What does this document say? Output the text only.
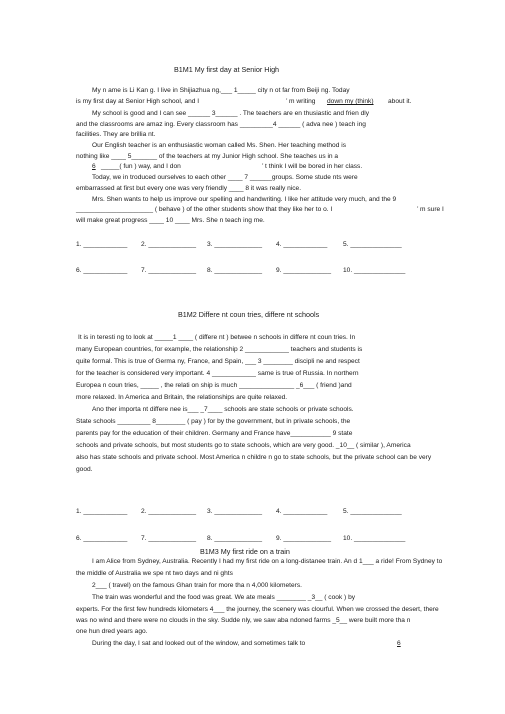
B1M1 My first day at Senior High
My n ame is Li Kan g. I live in Shijiazhua ng,___ 1_____ city n ot far from Beiji ng. Today
is my first day at Senior High school, and I	’ m writing down my (think) about it.
My school is good and I can see ______ 3______ . The teachers are en thusiastic and frien dly
and the classrooms are amaz ing. Every classroom has _________4 ______ ( adva nee ) teach ing
facilities. They are brillia nt.
Our English teacher is an enthusiastic woman called Ms. Shen. Her teaching method is
nothing like ____ 5_______ of the teachers at my Junior High school. She teaches us in a
6 _____( fun ) way, and I don	’ t think I will be bored in her class.
Today, we in troduced ourselves to each other ____ 7 ______groups. Some stude nts were
embarrassed at first but every one was very friendly ____ 8 it was really nice.
Mrs. Shen wants to help us improve our spelling and handwriting. I like her attitude very much, and the 9
_____________________ ( behave ) of the other students show that they like her to o. I	’ m sure I
will make great progress ____ 10 ____ Mrs. She n teach ing me.
1. ____________ 2. _____________ 3. _____________ 4. ____________ 5. ______________
6. ____________ 7. _____________ 8. _____________ 9. _____________ 10. ______________
B1M2 Differe nt coun tries, differe nt schools
It is in teresti ng to look at _____1 ____ ( differe nt ) betwee n schools in differe nt coun tries. In
many European countries, for example, the relationship 2 ____________ teachers and students is
quite formal. This is true of Germa ny, France, and Spain, ___ 3 ________ discipli ne and respect
for the teacher is considered very important. 4 ____________ same is true of Russia. In northern
Europea n coun tries, _____ , the relati on ship is much _______________ _6___ ( friend )and
more relaxed. In America and Britain, the relationships are quite relaxed.
Ano ther importa nt differe nee is___ _7____ schools are state schools or private schools.
State schools _________ 8________ ( pay ) for by the government, but in private schools, the
parents pay for the education of their children. Germany and France have___________ 9 state
schools and private schools, but most students go to state schools, which are very good. _10__ ( similar ), America
also has state schools and private school. Most America n childre n go to state schools, but the private school can be very
good.
1. ____________ 2. _____________ 3. _____________ 4. ____________ 5. ______________
6. ____________ 7. _____________ 8. _____________ 9. _____________ 10. ______________
B1M3 My first ride on a train
I am Alice from Sydney, Australia. Recently I had my first ride on a long-distanee train. An d 1___ a ride! From Sydney to
the middle of Australia we spe nt two days and ni ghts
2___ ( travel) on the famous Ghan train for more tha n 4,000 kilometers.
The train was wonderful and the food was great. We ate meals ________ _3__ ( cook ) by
experts. For the first few hundreds kilometers 4___ the journey, the scenery was clourful. When we crossed the desert, there
was no wind and there were no clouds in the sky. Sudde nly, we saw aba ndoned farms _5__ were built more tha n
one hun dred years ago.
During the day, I sat and looked out of the window, and sometimes talk to	6
